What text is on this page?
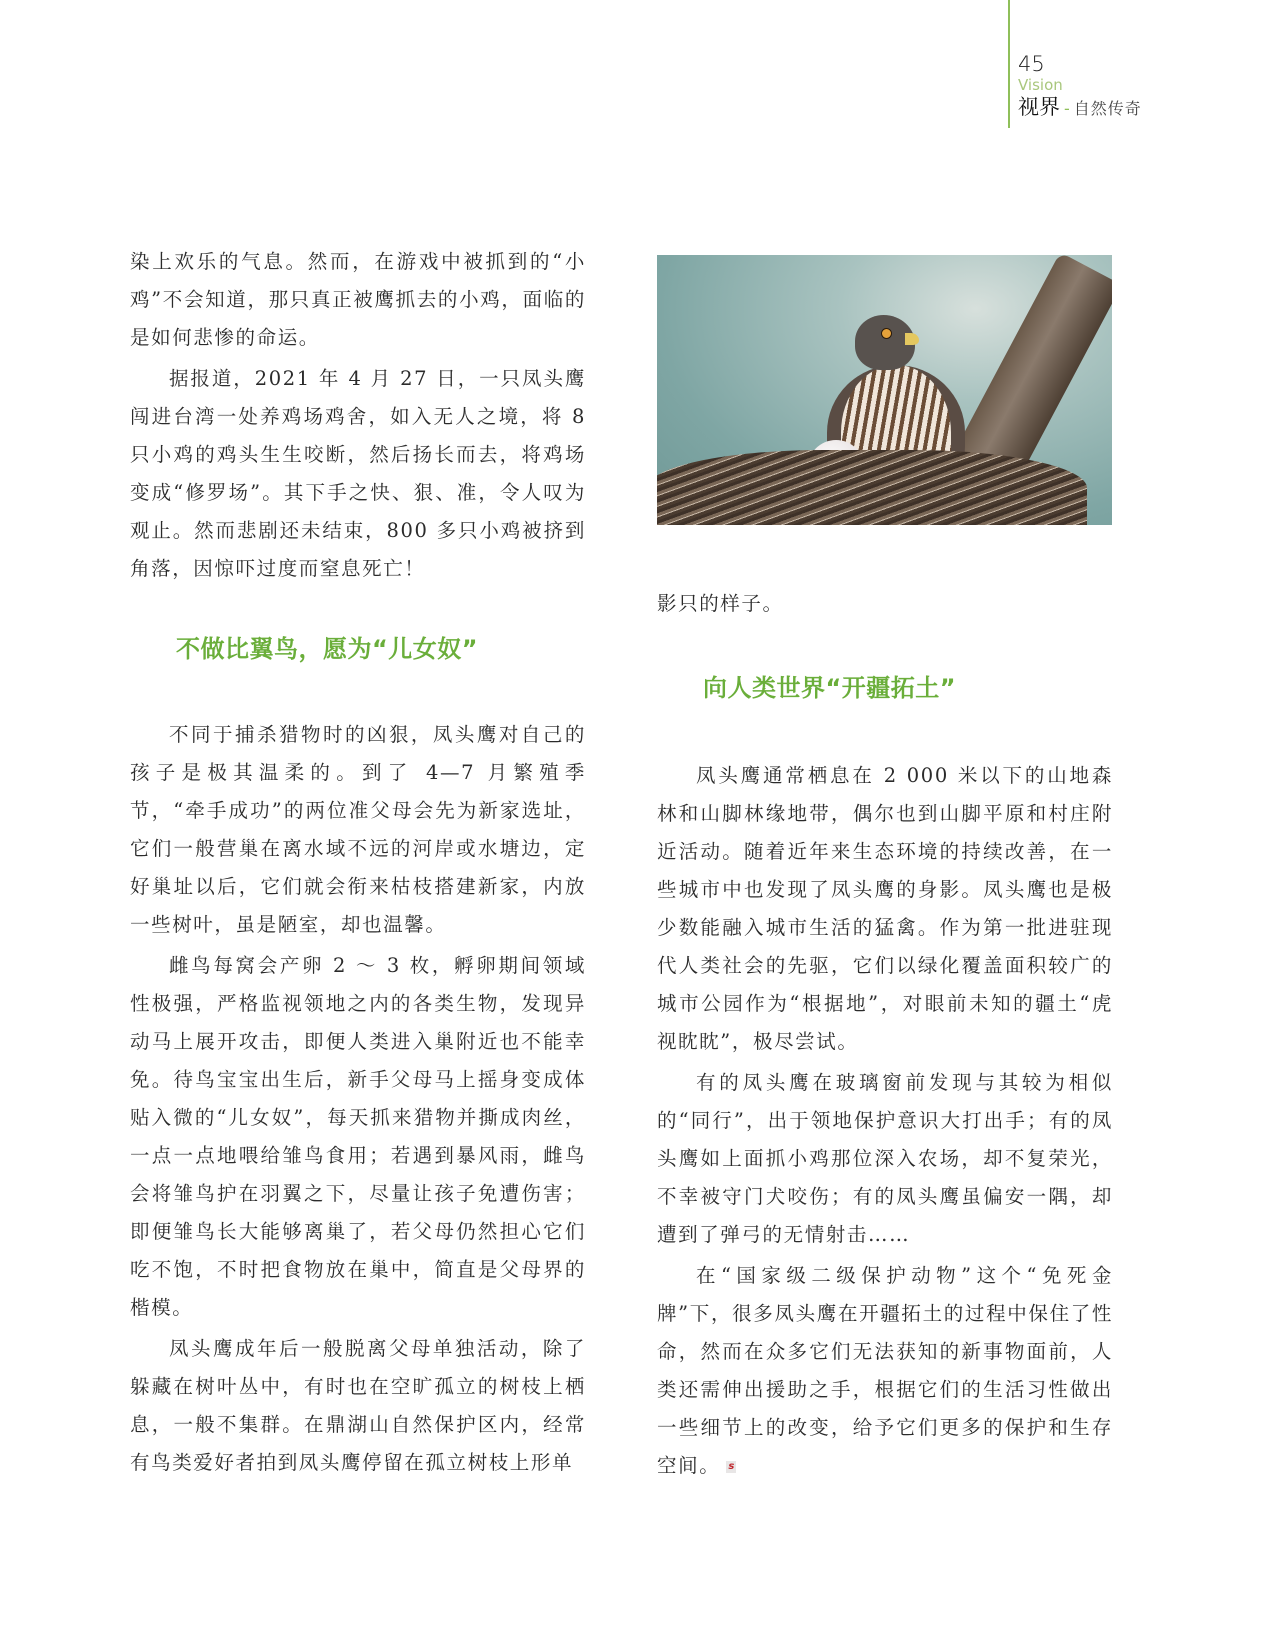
45
Vision
视界 - 自然传奇

染上欢乐的气息。然而，在游戏中被抓到的“小鸡”不会知道，那只真正被鹰抓去的小鸡，面临的是如何悲惨的命运。

据报道，2021 年 4 月 27 日，一只凤头鹰闯进台湾一处养鸡场鸡舍，如入无人之境，将 8 只小鸡的鸡头生生咬断，然后扬长而去，将鸡场变成“修罗场”。其下手之快、狠、准，令人叹为观止。然而悲剧还未结束，800 多只小鸡被挤到角落，因惊吓过度而窒息死亡！

不做比翼鸟，愿为“儿女奴”

不同于捕杀猎物时的凶狠，凤头鹰对自己的孩子是极其温柔的。到了 4—7 月繁殖季节，“牵手成功”的两位准父母会先为新家选址，它们一般营巢在离水域不远的河岸或水塘边，定好巢址以后，它们就会衔来枯枝搭建新家，内放一些树叶，虽是陋室，却也温馨。

雌鸟每窝会产卵 2 ～ 3 枚，孵卵期间领域性极强，严格监视领地之内的各类生物，发现异动马上展开攻击，即便人类进入巢附近也不能幸免。待鸟宝宝出生后，新手父母马上摇身变成体贴入微的“儿女奴”，每天抓来猎物并撕成肉丝，一点一点地喂给雏鸟食用；若遇到暴风雨，雌鸟会将雏鸟护在羽翼之下，尽量让孩子免遭伤害；即便雏鸟长大能够离巢了，若父母仍然担心它们吃不饱，不时把食物放在巢中，简直是父母界的楷模。

凤头鹰成年后一般脱离父母单独活动，除了躲藏在树叶丛中，有时也在空旷孤立的树枝上栖息，一般不集群。在鼎湖山自然保护区内，经常有鸟类爱好者拍到凤头鹰停留在孤立树枝上形单

影只的样子。

向人类世界“开疆拓土”

凤头鹰通常栖息在 2 000 米以下的山地森林和山脚林缘地带，偶尔也到山脚平原和村庄附近活动。随着近年来生态环境的持续改善，在一些城市中也发现了凤头鹰的身影。凤头鹰也是极少数能融入城市生活的猛禽。作为第一批进驻现代人类社会的先驱，它们以绿化覆盖面积较广的城市公园作为“根据地”，对眼前未知的疆土“虎视眈眈”，极尽尝试。

有的凤头鹰在玻璃窗前发现与其较为相似的“同行”，出于领地保护意识大打出手；有的凤头鹰如上面抓小鸡那位深入农场，却不复荣光，不幸被守门犬咬伤；有的凤头鹰虽偏安一隅，却遭到了弹弓的无情射击……

在“国家级二级保护动物”这个“免死金牌”下，很多凤头鹰在开疆拓土的过程中保住了性命，然而在众多它们无法获知的新事物面前，人类还需伸出援助之手，根据它们的生活习性做出一些细节上的改变，给予它们更多的保护和生存空间。 s
